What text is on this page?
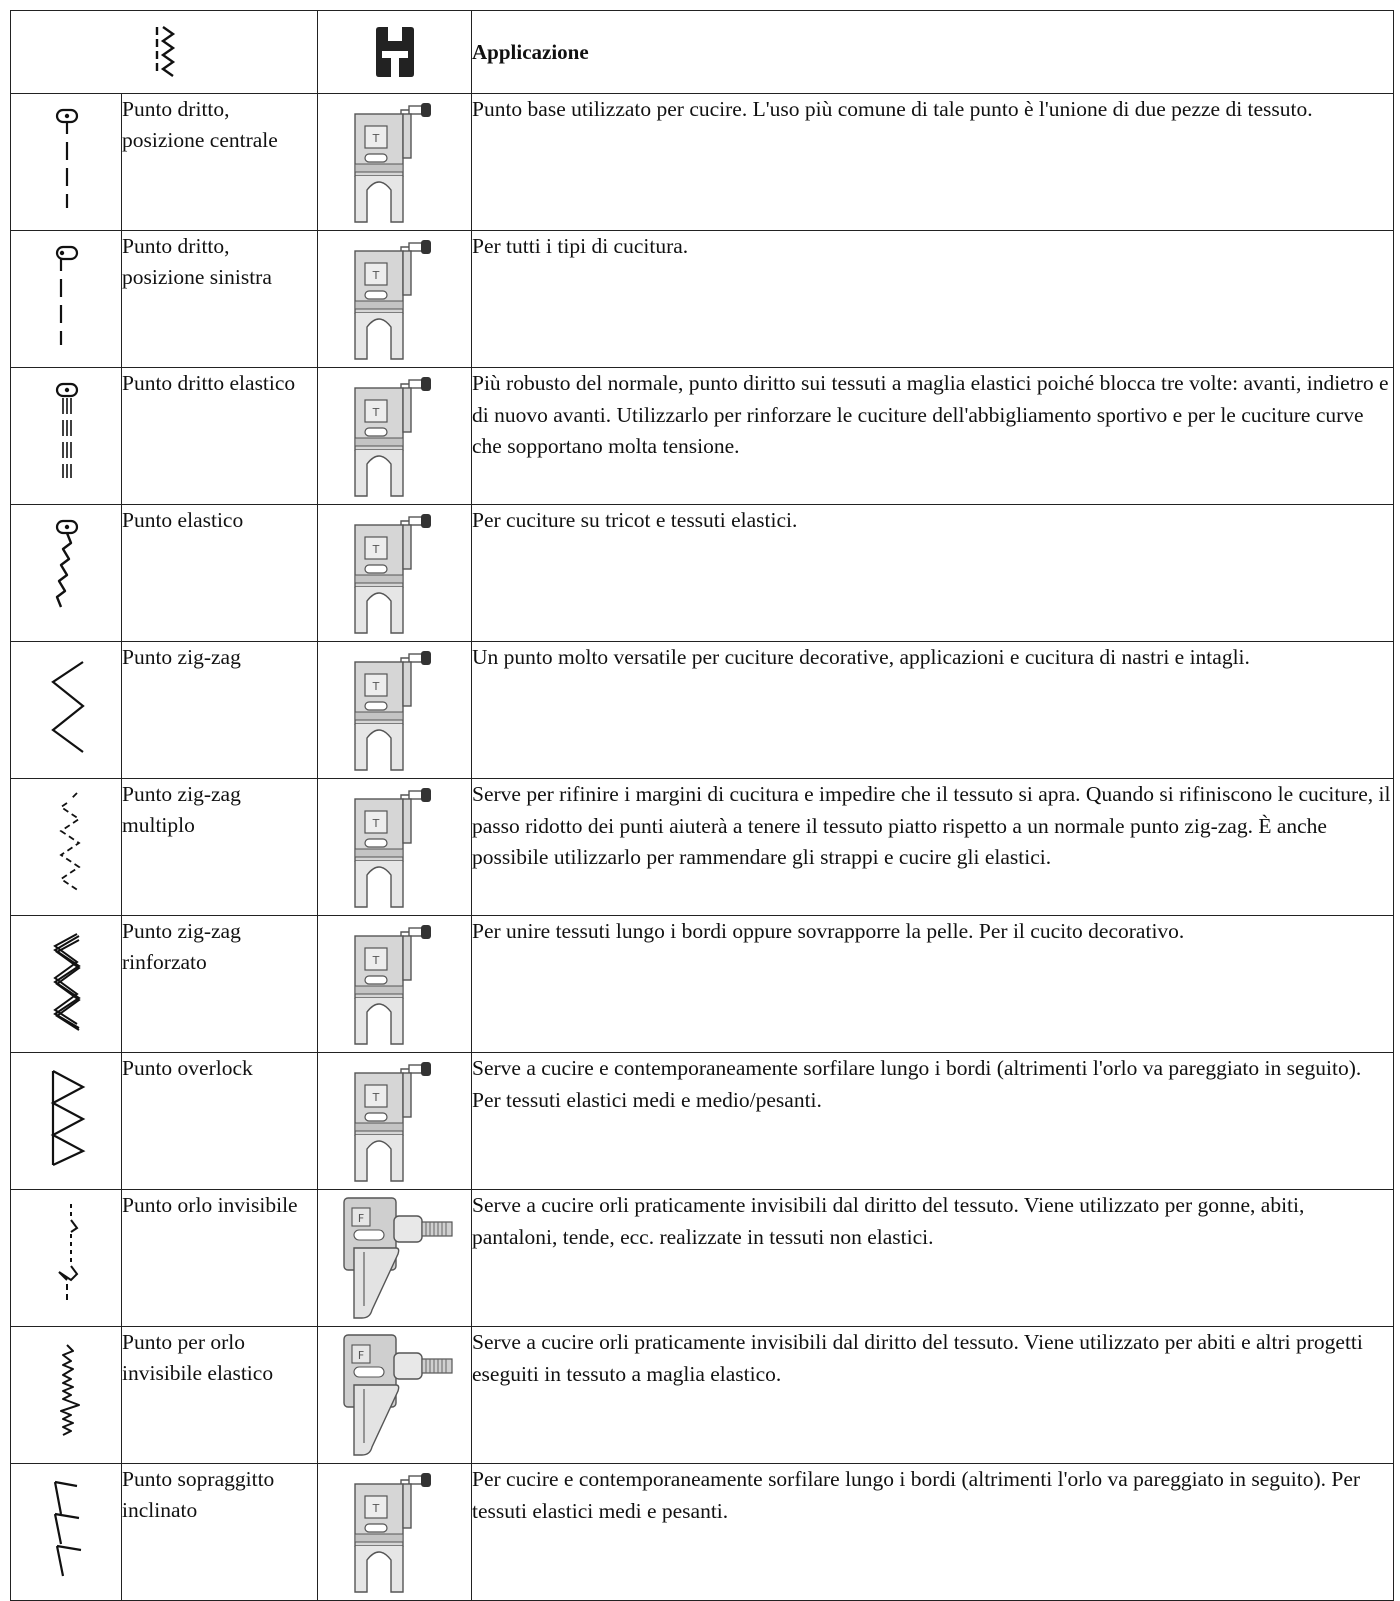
	Applicazione

	Punto dritto, posizione centrale		Punto base utilizzato per cucire. L'uso più comune di tale punto è l'unione di due pezze di tessuto.

	Punto dritto, posizione sinistra		Per tutti i tipi di cucitura.

	Punto dritto elastico		Più robusto del normale, punto diritto sui tessuti a maglia elastici poiché blocca tre volte: avanti, indietro e di nuovo avanti. Utilizzarlo per rinforzare le cuciture dell'abbigliamento sportivo e per le cuciture curve che sopportano molta tensione.

	Punto elastico		Per cuciture su tricot e tessuti elastici.

	Punto zig-zag		Un punto molto versatile per cuciture decorative, applicazioni e cucitura di nastri e intagli.

	Punto zig-zag multiplo		Serve per rifinire i margini di cucitura e impedire che il tessuto si apra. Quando si rifiniscono le cuciture, il passo ridotto dei punti aiuterà a tenere il tessuto piatto rispetto a un normale punto zig-zag. È anche possibile utilizzarlo per rammendare gli strappi e cucire gli elastici.

	Punto zig-zag rinforzato		Per unire tessuti lungo i bordi oppure sovrapporre la pelle. Per il cucito decorativo.

	Punto overlock		Serve a cucire e contemporaneamente sorfilare lungo i bordi (altrimenti l'orlo va pareggiato in seguito). Per tessuti elastici medi e medio/pesanti.

	Punto orlo invisibile		Serve a cucire orli praticamente invisibili dal diritto del tessuto. Viene utilizzato per gonne, abiti, pantaloni, tende, ecc. realizzate in tessuti non elastici.

	Punto per orlo invisibile elastico		Serve a cucire orli praticamente invisibili dal diritto del tessuto. Viene utilizzato per abiti e altri progetti eseguiti in tessuto a maglia elastico.

	Punto sopraggitto inclinato		Per cucire e contemporaneamente sorfilare lungo i bordi (altrimenti l'orlo va pareggiato in seguito). Per tessuti elastici medi e pesanti.
